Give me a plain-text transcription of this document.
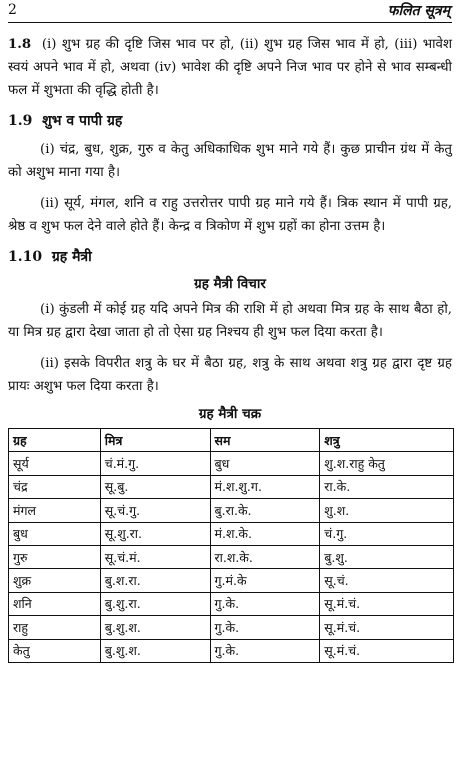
2	फलित सूत्रम्

1.8 (i) शुभ ग्रह की दृष्टि जिस भाव पर हो, (ii) शुभ ग्रह जिस भाव में हो, (iii) भावेश स्वयं अपने भाव में हो, अथवा (iv) भावेश की दृष्टि अपने निज भाव पर होने से भाव सम्बन्धी फल में शुभता की वृद्धि होती है।

1.9 शुभ व पापी ग्रह

(i) चंद्र, बुध, शुक्र, गुरु व केतु अधिकाधिक शुभ माने गये हैं। कुछ प्राचीन ग्रंथ में केतु को अशुभ माना गया है।

(ii) सूर्य, मंगल, शनि व राहु उत्तरोत्तर पापी ग्रह माने गये हैं। त्रिक स्थान में पापी ग्रह, श्रेष्ठ व शुभ फल देने वाले होते हैं। केन्द्र व त्रिकोण में शुभ ग्रहों का होना उत्तम है।

1.10 ग्रह मैत्री
ग्रह मैत्री विचार

(i) कुंडली में कोई ग्रह यदि अपने मित्र की राशि में हो अथवा मित्र ग्रह के साथ बैठा हो, या मित्र ग्रह द्वारा देखा जाता हो तो ऐसा ग्रह निश्चय ही शुभ फल दिया करता है।

(ii) इसके विपरीत शत्रु के घर में बैठा ग्रह, शत्रु के साथ अथवा शत्रु ग्रह द्वारा दृष्ट ग्रह प्रायः अशुभ फल दिया करता है।

ग्रह मैत्री चक्र
ग्रह	मित्र	सम	शत्रु
सूर्य	चं.मं.गु.	बुध	शु.श.राहु केतु
चंद्र	सू.बु.	मं.श.शु.ग.	रा.के.
मंगल	सू.चं.गु.	बु.रा.के.	शु.श.
बुध	सू.शु.रा.	मं.श.के.	चं.गु.
गुरु	सू.चं.मं.	रा.श.के.	बु.शु.
शुक्र	बु.श.रा.	गु.मं.के	सू.चं.
शनि	बु.शु.रा.	गु.के.	सू.मं.चं.
राहु	बु.शु.श.	गु.के.	सू.मं.चं.
केतु	बु.शु.श.	गु.के.	सू.मं.चं.
